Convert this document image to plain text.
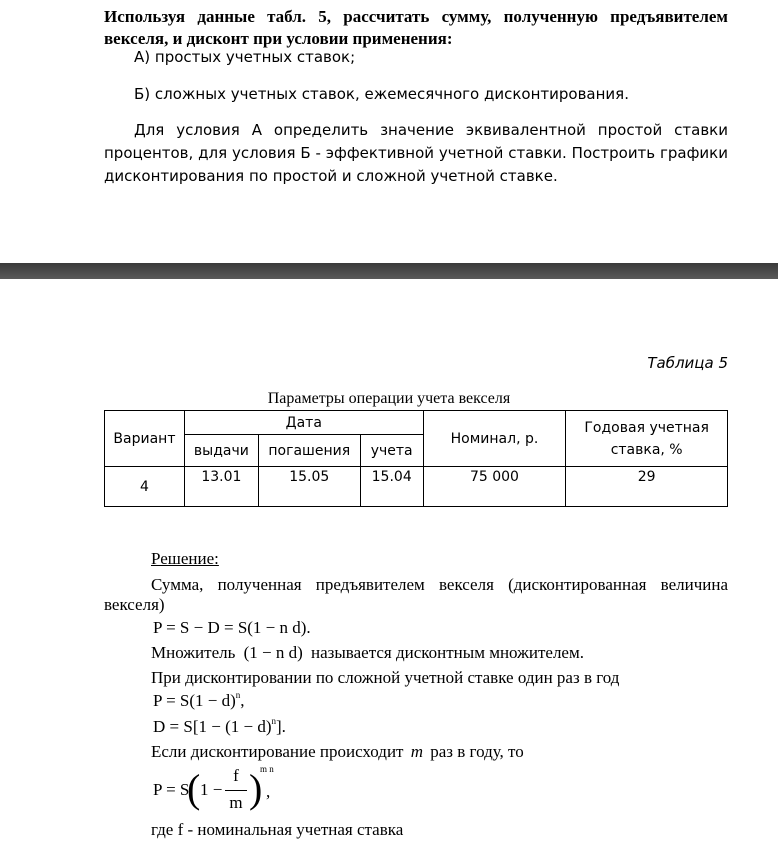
Используя данные табл. 5, рассчитать сумму, полученную предъявителем векселя, и дисконт при условии применения:
А) простых учетных ставок;
Б) сложных учетных ставок, ежемесячного дисконтирования.
Для условия А определить значение эквивалентной простой ставки процентов, для условия Б - эффективной учетной ставки. Построить графики дисконтирования по простой и сложной учетной ставке.
Таблица 5
Параметры операции учета векселя
Вариант	Дата			Номинал, р.	Годовая учетная ставка, %
	выдачи	погашения	учета		
4	13.01	15.05	15.04	75 000	29
Решение:
Сумма, полученная предъявителем векселя (дисконтированная величина векселя)
P = S − D = S(1 − n d).
Множитель (1 − n d) называется дисконтным множителем.
При дисконтировании по сложной учетной ставке один раз в год
$P = S(1 - d)^n$,
$D = S[1 - (1 - d)^n]$.
Если дисконтирование происходит m раз в году, то
P = S
( 1 −
f
m )
m n
,
где f - номинальная учетная ставка
